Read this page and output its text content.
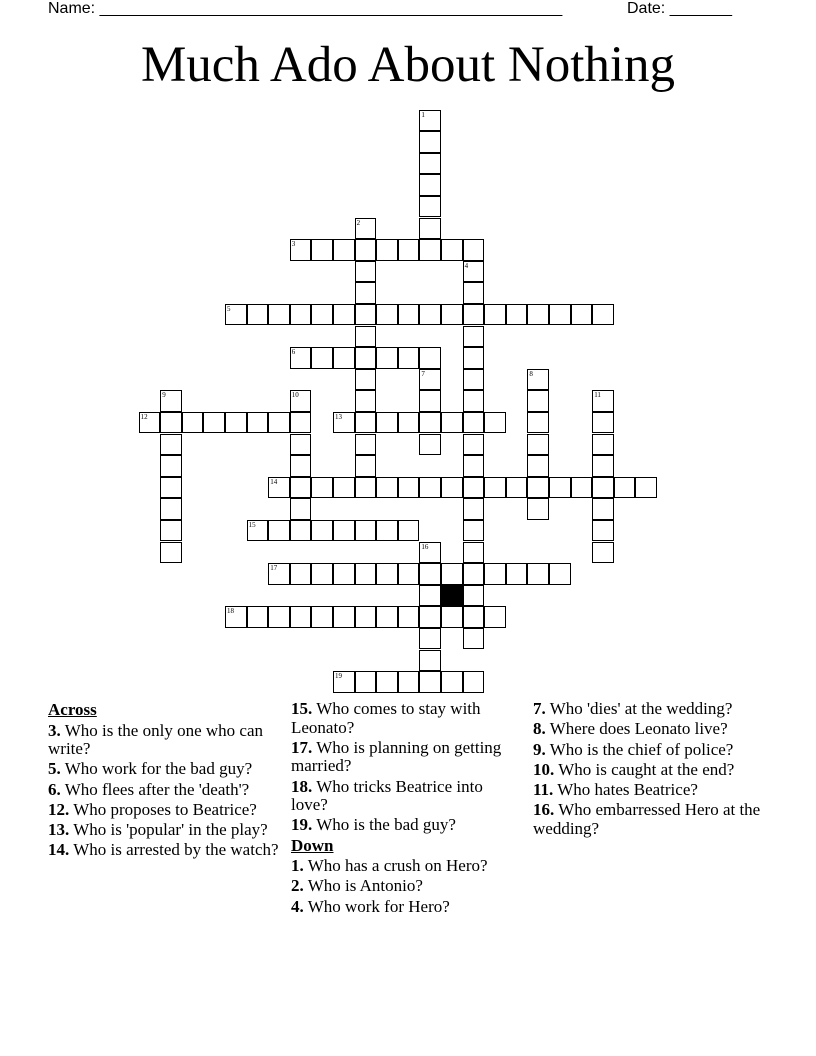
Name: ____________________________________________________	Date: _______
Much Ado About Nothing
1
2
3
4
5
6
7	8
9	10	11
12	13
14
15
16
17
18
19
Across
3. Who is the only one who can write?
5. Who work for the bad guy?
6. Who flees after the 'death'?
12. Who proposes to Beatrice?
13. Who is 'popular' in the play?
14. Who is arrested by the watch?
15. Who comes to stay with Leonato?
17. Who is planning on getting married?
18. Who tricks Beatrice into love?
19. Who is the bad guy?
Down
1. Who has a crush on Hero?
2. Who is Antonio?
4. Who work for Hero?
7. Who 'dies' at the wedding?
8. Where does Leonato live?
9. Who is the chief of police?
10. Who is caught at the end?
11. Who hates Beatrice?
16. Who embarressed Hero at the wedding?
